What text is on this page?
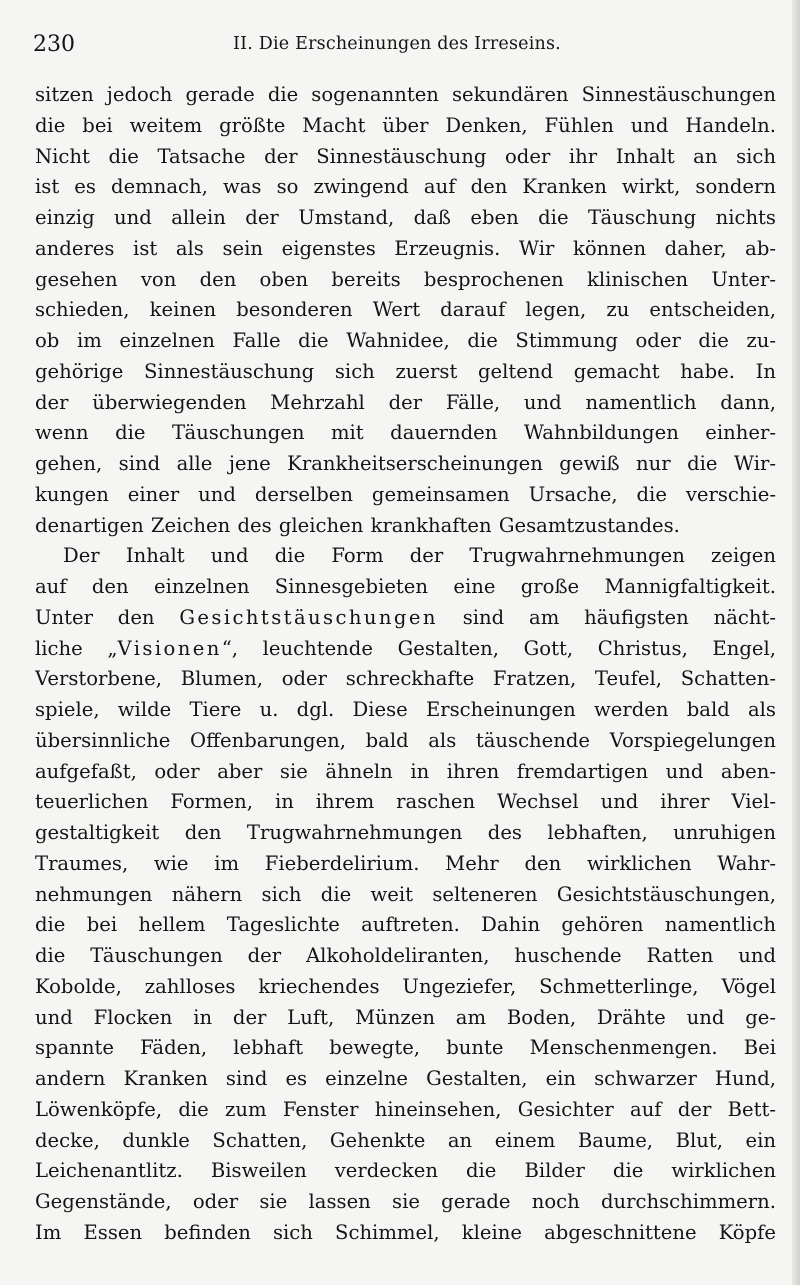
230	II. Die Erscheinungen des Irreseins.
sitzen jedoch gerade die sogenannten sekundären Sinnestäuschungen
die bei weitem größte Macht über Denken, Fühlen und Handeln.
Nicht die Tatsache der Sinnestäuschung oder ihr Inhalt an sich
ist es demnach, was so zwingend auf den Kranken wirkt, sondern
einzig und allein der Umstand, daß eben die Täuschung nichts
anderes ist als sein eigenstes Erzeugnis. Wir können daher, ab-
gesehen von den oben bereits besprochenen klinischen Unter-
schieden, keinen besonderen Wert darauf legen, zu entscheiden,
ob im einzelnen Falle die Wahnidee, die Stimmung oder die zu-
gehörige Sinnestäuschung sich zuerst geltend gemacht habe. In
der überwiegenden Mehrzahl der Fälle, und namentlich dann,
wenn die Täuschungen mit dauernden Wahnbildungen einher-
gehen, sind alle jene Krankheitserscheinungen gewiß nur die Wir-
kungen einer und derselben gemeinsamen Ursache, die verschie-
denartigen Zeichen des gleichen krankhaften Gesamtzustandes.
Der Inhalt und die Form der Trugwahrnehmungen zeigen
auf den einzelnen Sinnesgebieten eine große Mannigfaltigkeit.
Unter den Gesichtstäuschungen sind am häufigsten nächt-
liche „Visionen“, leuchtende Gestalten, Gott, Christus, Engel,
Verstorbene, Blumen, oder schreckhafte Fratzen, Teufel, Schatten-
spiele, wilde Tiere u. dgl. Diese Erscheinungen werden bald als
übersinnliche Offenbarungen, bald als täuschende Vorspiegelungen
aufgefaßt, oder aber sie ähneln in ihren fremdartigen und aben-
teuerlichen Formen, in ihrem raschen Wechsel und ihrer Viel-
gestaltigkeit den Trugwahrnehmungen des lebhaften, unruhigen
Traumes, wie im Fieberdelirium. Mehr den wirklichen Wahr-
nehmungen nähern sich die weit selteneren Gesichtstäuschungen,
die bei hellem Tageslichte auftreten. Dahin gehören namentlich
die Täuschungen der Alkoholdeliranten, huschende Ratten und
Kobolde, zahlloses kriechendes Ungeziefer, Schmetterlinge, Vögel
und Flocken in der Luft, Münzen am Boden, Drähte und ge-
spannte Fäden, lebhaft bewegte, bunte Menschenmengen. Bei
andern Kranken sind es einzelne Gestalten, ein schwarzer Hund,
Löwenköpfe, die zum Fenster hineinsehen, Gesichter auf der Bett-
decke, dunkle Schatten, Gehenkte an einem Baume, Blut, ein
Leichenantlitz. Bisweilen verdecken die Bilder die wirklichen
Gegenstände, oder sie lassen sie gerade noch durchschimmern.
Im Essen befinden sich Schimmel, kleine abgeschnittene Köpfe
